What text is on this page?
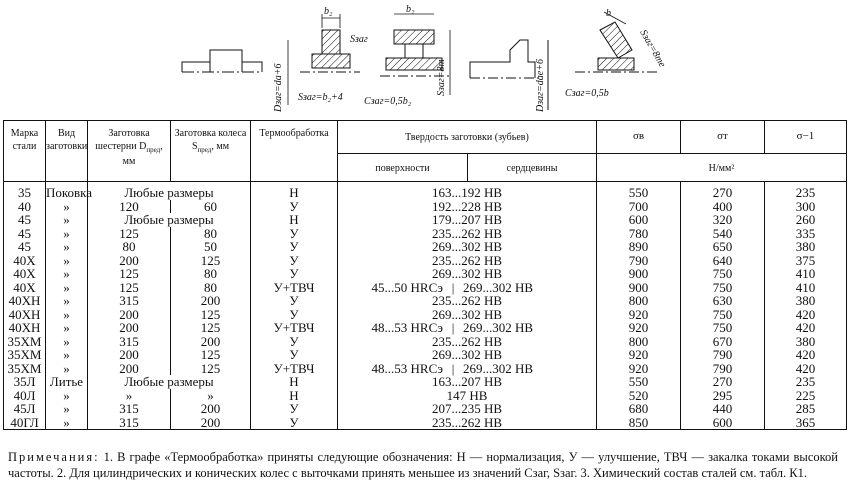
Dзаг=dа+6
b₂
Sзаг
Sзаг=b₂+4
b₂
Sзаг=8т
Сзаг=0,5b₂	Dзаг=dae+6
b
Sзаг=8те
Сзаг=0,5b
Марка стали	Вид заготовки	Заготовка шестерни $D_{пред}$, мм	Заготовка колеса $S_{пред}$, мм	Термообработка	Твердость заготовки (зубьев)		σв	σт	σ−1

					поверхности	сердцевины	Н/мм²		

35	Поковка	Любые размеры		Н	163...192 НВ		550	270	235
40	»	120	60	У	192...228 НВ		700	400	300
45	»	Любые размеры		Н	179...207 НВ		600	320	260
45	»	125	80	У	235...262 НВ		780	540	335
45	»	80	50	У	269...302 НВ		890	650	380
40Х	»	200	125	У	235...262 НВ		790	640	375
40Х	»	125	80	У	269...302 НВ		900	750	410
40Х	»	125	80	У+ТВЧ	45...50 НRСэ | 269...302 НВ		900	750	410
40ХН	»	315	200	У	235...262 НВ		800	630	380
40ХН	»	200	125	У	269...302 НВ		920	750	420
40ХН	»	200	125	У+ТВЧ	48...53 НRСэ | 269...302 НВ		920	750	420
35ХМ	»	315	200	У	235...262 НВ		800	670	380
35ХМ	»	200	125	У	269...302 НВ		920	790	420
35ХМ	»	200	125	У+ТВЧ	48...53 НRСэ | 269...302 НВ		920	790	420
35Л	Литье	Любые размеры		Н	163...207 НВ		550	270	235
40Л	»	»	»	Н	147 НВ		520	295	225
45Л	»	315	200	У	207...235 НВ		680	440	285
40ГЛ	»	315	200	У	235...262 НВ		850	600	365
Примечания: 1. В графе «Термообработка» приняты следующие обозначения: Н — нормализация, У — улучшение, ТВЧ — закалка токами высокой частоты. 2. Для цилиндрических и конических колес с выточками принять меньшее из значений Сзаг, Sзаг. 3. Химический состав сталей см. табл. К1.
